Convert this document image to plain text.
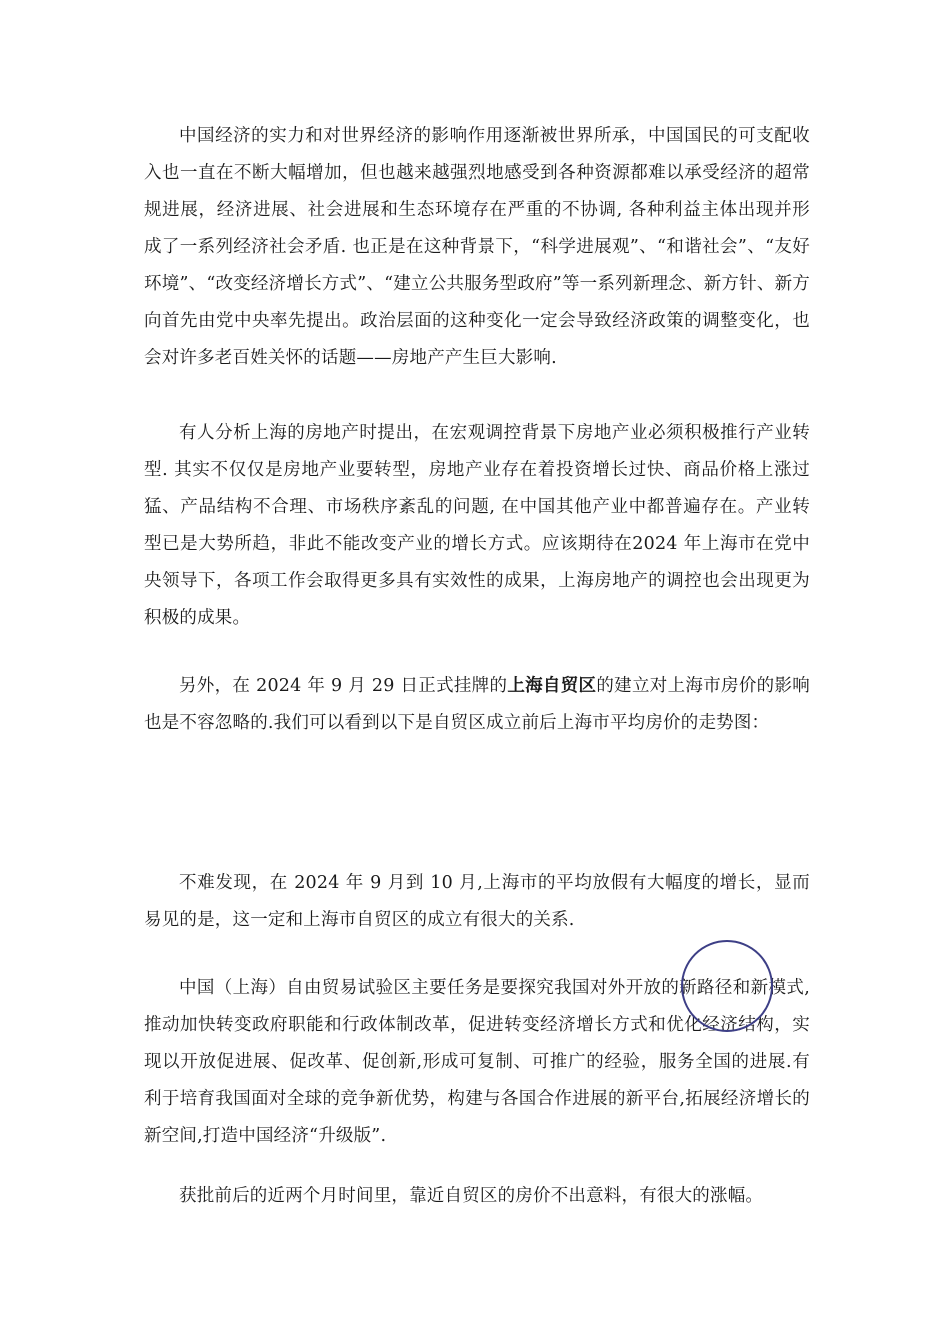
中国经济的实力和对世界经济的影响作用逐渐被世界所承，中国国民的可支配收入也一直在不断大幅增加，但也越来越强烈地感受到各种资源都难以承受经济的超常规进展，经济进展、社会进展和生态环境存在严重的不协调, 各种利益主体出现并形成了一系列经济社会矛盾. 也正是在这种背景下，“科学进展观”、“和谐社会”、“友好环境”、“改变经济增长方式”、“建立公共服务型政府”等一系列新理念、新方针、新方向首先由党中央率先提出。政治层面的这种变化一定会导致经济政策的调整变化，也会对许多老百姓关怀的话题——房地产产生巨大影响.
有人分析上海的房地产时提出，在宏观调控背景下房地产业必须积极推行产业转型. 其实不仅仅是房地产业要转型，房地产业存在着投资增长过快、商品价格上涨过猛、产品结构不合理、市场秩序紊乱的问题, 在中国其他产业中都普遍存在。产业转型已是大势所趋，非此不能改变产业的增长方式。应该期待在2024 年上海市在党中央领导下，各项工作会取得更多具有实效性的成果，上海房地产的调控也会出现更为积极的成果。
另外，在 2024 年 9 月 29 日正式挂牌的上海自贸区的建立对上海市房价的影响也是不容忽略的.我们可以看到以下是自贸区成立前后上海市平均房价的走势图：
不难发现，在 2024 年 9 月到 10 月,上海市的平均放假有大幅度的增长，显而易见的是，这一定和上海市自贸区的成立有很大的关系.
中国（上海）自由贸易试验区主要任务是要探究我国对外开放的新路径和新模式,推动加快转变政府职能和行政体制改革，促进转变经济增长方式和优化经济结构，实现以开放促进展、促改革、促创新,形成可复制、可推广的经验，服务全国的进展.有利于培育我国面对全球的竞争新优势，构建与各国合作进展的新平台,拓展经济增长的新空间,打造中国经济“升级版”.
获批前后的近两个月时间里，靠近自贸区的房价不出意料，有很大的涨幅。
